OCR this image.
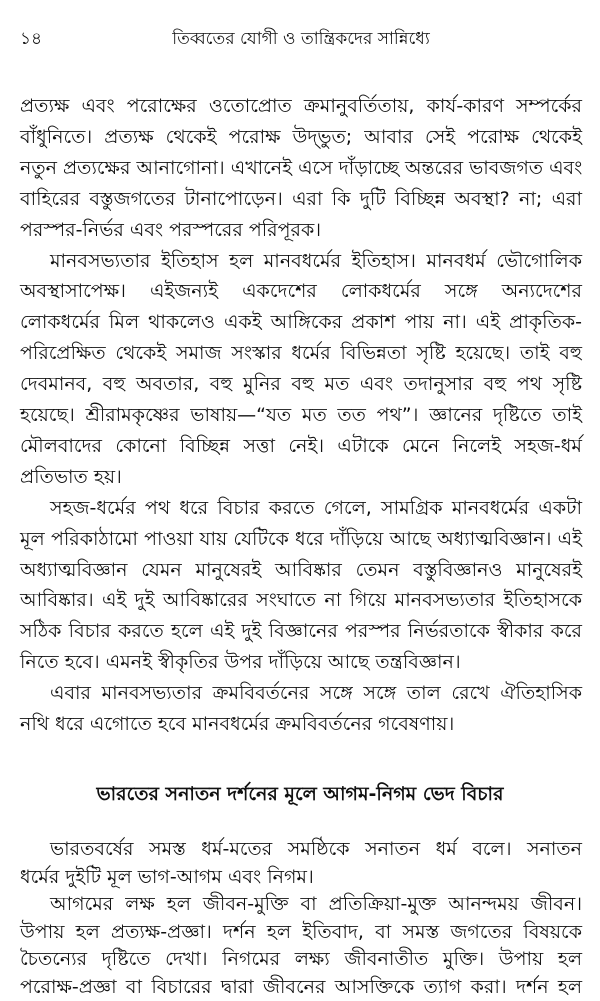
১৪	তিব্বতের যোগী ও তান্ত্রিকদের সান্নিধ্যে
প্রত্যক্ষ এবং পরোক্ষের ওতোপ্রোত ক্রমানুবর্তিতায়, কার্য-কারণ সম্পর্কের
বাঁধুনিতে। প্রত্যক্ষ থেকেই পরোক্ষ উদ্‌ভুত; আবার সেই পরোক্ষ থেকেই
নতুন প্রত্যক্ষের আনাগোনা। এখানেই এসে দাঁড়াচ্ছে অন্তরের ভাবজগত এবং
বাহিরের বস্তুজগতের টানাপোড়েন। এরা কি দুটি বিচ্ছিন্ন অবস্থা? না; এরা
পরস্পর-নির্ভর এবং পরস্পরের পরিপূরক।
মানবসভ্যতার ইতিহাস হল মানবধর্মের ইতিহাস। মানবধর্ম ভৌগোলিক
অবস্থাসাপেক্ষ। এইজন্যই একদেশের লোকধর্মের সঙ্গে অন্যদেশের
লোকধর্মের মিল থাকলেও একই আঙ্গিকের প্রকাশ পায় না। এই প্রাকৃতিক-
পরিপ্রেক্ষিত থেকেই সমাজ সংস্কার ধর্মের বিভিন্নতা সৃষ্টি হয়েছে। তাই বহু
দেবমানব, বহু অবতার, বহু মুনির বহু মত এবং তদানুসার বহু পথ সৃষ্টি
হয়েছে। শ্রীরামকৃষ্ণের ভাষায়—“যত মত তত পথ”। জ্ঞানের দৃষ্টিতে তাই
মৌলবাদের কোনো বিচ্ছিন্ন সত্তা নেই। এটাকে মেনে নিলেই সহজ-ধর্ম
প্রতিভাত হয়।
সহজ-ধর্মের পথ ধরে বিচার করতে গেলে, সামগ্রিক মানবধর্মের একটা
মূল পরিকাঠামো পাওয়া যায় যেটিকে ধরে দাঁড়িয়ে আছে অধ্যাত্মবিজ্ঞান। এই
অধ্যাত্মবিজ্ঞান যেমন মানুষেরই আবিষ্কার তেমন বস্তুবিজ্ঞানও মানুষেরই
আবিষ্কার। এই দুই আবিষ্কারের সংঘাতে না গিয়ে মানবসভ্যতার ইতিহাসকে
সঠিক বিচার করতে হলে এই দুই বিজ্ঞানের পরস্পর নির্ভরতাকে স্বীকার করে
নিতে হবে। এমনই স্বীকৃতির উপর দাঁড়িয়ে আছে তন্ত্রবিজ্ঞান।
এবার মানবসভ্যতার ক্রমবিবর্তনের সঙ্গে সঙ্গে তাল রেখে ঐতিহাসিক
নথি ধরে এগোতে হবে মানবধর্মের ক্রমবিবর্তনের গবেষণায়।
ভারতের সনাতন দর্শনের মূলে আগম-নিগম ভেদ বিচার
ভারতবর্ষের সমস্ত ধর্ম-মতের সমষ্ঠিকে সনাতন ধর্ম বলে। সনাতন
ধর্মের দুইটি মূল ভাগ-আগম এবং নিগম।
আগমের লক্ষ হল জীবন-মুক্তি বা প্রতিক্রিয়া-মুক্ত আনন্দময় জীবন।
উপায় হল প্রত্যক্ষ-প্রজ্ঞা। দর্শন হল ইতিবাদ, বা সমস্ত জগতের বিষয়কে
চৈতন্যের দৃষ্টিতে দেখা। নিগমের লক্ষ্য জীবনাতীত মুক্তি। উপায় হল
পরোক্ষ-প্রজ্ঞা বা বিচারের দ্বারা জীবনের আসক্তিকে ত্যাগ করা। দর্শন হল
